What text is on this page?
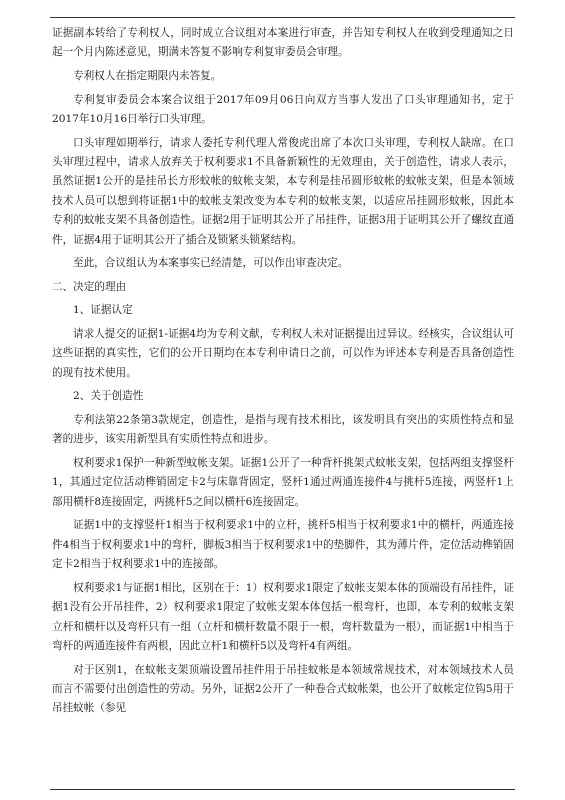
证据副本转给了专利权人，同时成立合议组对本案进行审查，并告知专利权人在收到受理通知之日起一个月内陈述意见，期满未答复不影响专利复审委员会审理。

专利权人在指定期限内未答复。

专利复审委员会本案合议组于2017年09月06日向双方当事人发出了口头审理通知书，定于2017年10月16日举行口头审理。

口头审理如期举行，请求人委托专利代理人常俊虎出席了本次口头审理，专利权人缺席。在口头审理过程中，请求人放弃关于权利要求1不具备新颖性的无效理由，关于创造性，请求人表示，虽然证据1公开的是挂吊长方形蚊帐的蚊帐支架，本专利是挂吊圆形蚊帐的蚊帐支架，但是本领域技术人员可以想到将证据1中的蚊帐支架改变为本专利的蚊帐支架，以适应吊挂圆形蚊帐，因此本专利的蚊帐支架不具备创造性。证据2用于证明其公开了吊挂件，证据3用于证明其公开了螺纹直通件，证据4用于证明其公开了插合及锁紧头锁紧结构。

至此，合议组认为本案事实已经清楚，可以作出审查决定。

二、决定的理由

1、证据认定

请求人提交的证据1-证据4均为专利文献，专利权人未对证据提出过异议。经核实，合议组认可这些证据的真实性，它们的公开日期均在本专利申请日之前，可以作为评述本专利是否具备创造性的现有技术使用。

2、关于创造性

专利法第22条第3款规定，创造性，是指与现有技术相比，该发明具有突出的实质性特点和显著的进步，该实用新型具有实质性特点和进步。

权利要求1保护一种新型蚊帐支架。证据1公开了一种背杆挑架式蚊帐支架，包括两组支撑竖杆1，其通过定位活动榫销固定卡2与床靠背固定，竖杆1通过两通连接件4与挑杆5连接，两竖杆1上部用横杆8连接固定，两挑杆5之间以横杆6连接固定。

证据1中的支撑竖杆1相当于权利要求1中的立杆，挑杆5相当于权利要求1中的横杆，两通连接件4相当于权利要求1中的弯杆，脚板3相当于权利要求1中的垫脚件，其为薄片件，定位活动榫销固定卡2相当于权利要求1中的连接部。

权利要求1与证据1相比，区别在于：1）权利要求1限定了蚊帐支架本体的顶端设有吊挂件，证据1没有公开吊挂件，2）权利要求1限定了蚊帐支架本体包括一根弯杆，也即，本专利的蚊帐支架立杆和横杆以及弯杆只有一组（立杆和横杆数量不限于一根，弯杆数量为一根），而证据1中相当于弯杆的两通连接件有两根，因此立杆1和横杆5以及弯杆4有两组。

对于区别1，在蚊帐支架顶端设置吊挂件用于吊挂蚊帐是本领域常规技术，对本领域技术人员而言不需要付出创造性的劳动。另外，证据2公开了一种卷合式蚊帐架，也公开了蚊帐定位钩5用于吊挂蚊帐（参见
